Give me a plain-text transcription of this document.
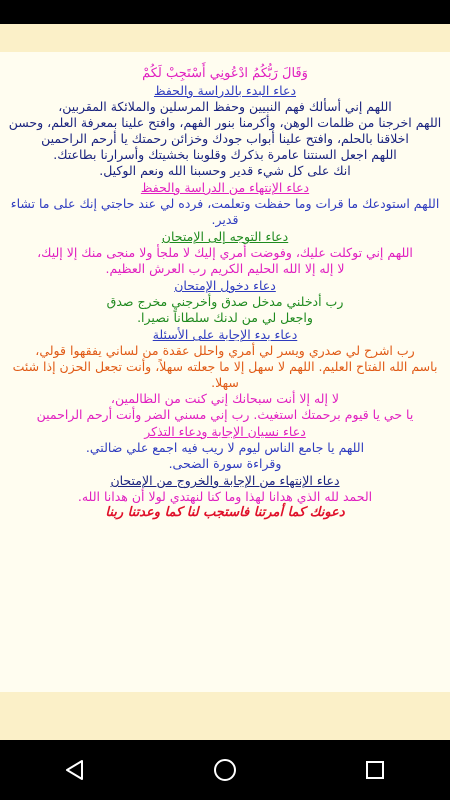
وَقَالَ رَبُّكُمُ ادْعُونِي أَسْتَجِبْ لَكُمْ
دعاء البدء بالدراسة والحفظ
اللهم إني أسألك فهم النبيين وحفظ المرسلين والملائكة المقربين،
اللهم اخرجنا من ظلمات الوهن، وأكرمنا بنور الفهم، وافتح علينا بمعرفة العلم، وحسن اخلاقنا بالحلم، وافتح علينا أبواب جودك وخزائن رحمتك يا أرحم الراحمين
اللهم اجعل السنتنا عامرة بذكرك وقلوبنا بخشيتك وأسرارنا بطاعتك.
انك على كل شيء قدير وحسبنا الله ونعم الوكيل.
دعاء الإنتهاء من الدراسة والحفظ
اللهم استودعك ما قرات وما حفظت وتعلمت، فرده لي عند حاجتي إنك على ما تشاء قدير.
دعاء التوجه إلى الإمتحان
اللهم إني توكلت عليك، وفوضت أمري إليك لا ملجأ ولا منجى منك إلا إليك،
لا إله إلا الله الحليم الكريم رب العرش العظيم.
دعاء دخول الإمتحان
رب أدخلني مدخل صدق وأخرجني مخرج صدق
واجعل لي من لدنك سلطاناً نصيرا.
دعاء بدء الإجابة على الأسئلة
رب اشرح لي صدري ويسر لي أمري واحلل عقدة من لساني يفقهوا قولي،
باسم الله الفتاح العليم. اللهم لا سهل إلا ما جعلته سهلاً، وأنت تجعل الحزن إذا شئت سهلا.
لا إله إلا أنت سبحانك إني كنت من الظالمين،
يا حي يا قيوم برحمتك استغيث. رب إني مسني الضر وأنت أرحم الراحمين
دعاء نسيان الإجابة ودعاء التذكر
اللهم يا جامع الناس ليوم لا ريب فيه اجمع علي ضالتي.
وقراءة سورة الضحى.
دعاء الإنتهاء من الإجابة والخروج من الإمتحان
الحمد لله الذي هدانا لهذا وما كنا لنهتدي لولا أن هدانا الله.
دعونك كما أمرتنا فاستجب لنا كما وعدتنا ربنا
